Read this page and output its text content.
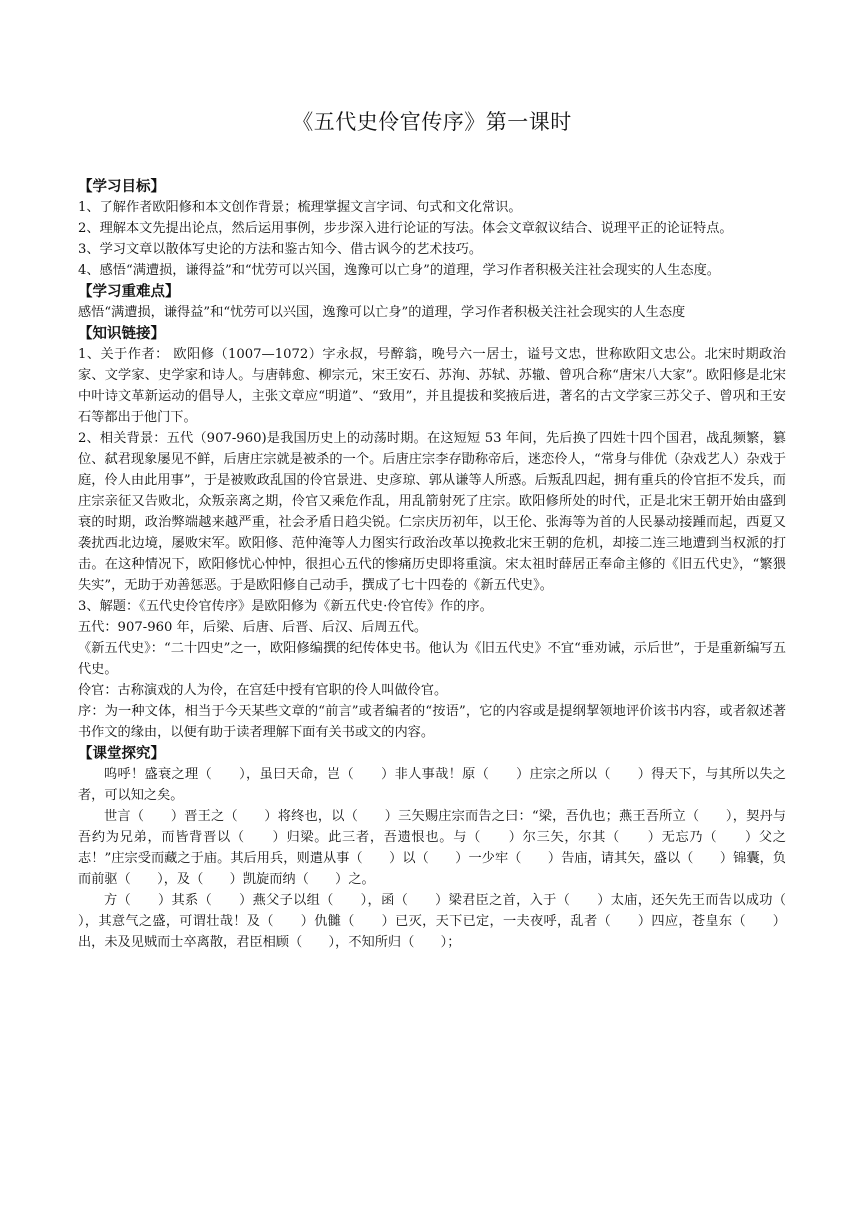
《五代史伶官传序》第一课时
【学习目标】

1、了解作者欧阳修和本文创作背景；梳理掌握文言字词、句式和文化常识。

2、理解本文先提出论点，然后运用事例，步步深入进行论证的写法。体会文章叙议结合、说理平正的论证特点。

3、学习文章以散体写史论的方法和鉴古知今、借古讽今的艺术技巧。

4、感悟“满遭损，谦得益”和“忧劳可以兴国，逸豫可以亡身”的道理，学习作者积极关注社会现实的人生态度。

【学习重难点】

感悟“满遭损，谦得益”和“忧劳可以兴国，逸豫可以亡身”的道理，学习作者积极关注社会现实的人生态度

【知识链接】

1、关于作者： 欧阳修（1007—1072）字永叔，号醉翁，晚号六一居士，谥号文忠，世称欧阳文忠公。北宋时期政治家、文学家、史学家和诗人。与唐韩愈、柳宗元，宋王安石、苏洵、苏轼、苏辙、曾巩合称“唐宋八大家”。欧阳修是北宋中叶诗文革新运动的倡导人，主张文章应“明道”、“致用”，并且提拔和奖掖后进，著名的古文学家三苏父子、曾巩和王安石等都出于他门下。

2、相关背景：五代（907-960)是我国历史上的动荡时期。在这短短 53 年间，先后换了四姓十四个国君，战乱频繁，篡位、弑君现象屡见不鲜，后唐庄宗就是被杀的一个。后唐庄宗李存勖称帝后，迷恋伶人，“常身与俳优（杂戏艺人）杂戏于庭，伶人由此用事”，于是被败政乱国的伶官景进、史彦琼、郭从谦等人所惑。后叛乱四起，拥有重兵的伶官拒不发兵，而庄宗亲征又告败北，众叛亲离之期，伶官又乘危作乱，用乱箭射死了庄宗。欧阳修所处的时代，正是北宋王朝开始由盛到衰的时期，政治弊端越来越严重，社会矛盾日趋尖锐。仁宗庆历初年，以王伦、张海等为首的人民暴动接踵而起，西夏又袭扰西北边境，屡败宋军。欧阳修、范仲淹等人力图实行政治改革以挽救北宋王朝的危机，却接二连三地遭到当权派的打击。在这种情况下，欧阳修忧心忡忡，很担心五代的惨痛历史即将重演。宋太祖时薛居正奉命主修的《旧五代史》，“繁猥失实”，无助于劝善惩恶。于是欧阳修自己动手，撰成了七十四卷的《新五代史》。

3、解题：《五代史伶官传序》是欧阳修为《新五代史·伶官传》作的序。

五代：907-960 年，后梁、后唐、后晋、后汉、后周五代。

《新五代史》：“二十四史”之一，欧阳修编撰的纪传体史书。他认为《旧五代史》不宜“垂劝诫，示后世”，于是重新编写五代史。

伶官：古称演戏的人为伶，在宫廷中授有官职的伶人叫做伶官。

序：为一种文体，相当于今天某些文章的“前言”或者编者的“按语”，它的内容或是提纲挈领地评价该书内容，或者叙述著书作文的缘由，以便有助于读者理解下面有关书或文的内容。

【课堂探究】

呜呼！盛衰之理（　　），虽曰天命，岂（　　）非人事哉！原（　　）庄宗之所以（　　）得天下，与其所以失之者，可以知之矣。

世言（　　）晋王之（　　）将终也，以（　　）三矢赐庄宗而告之曰：“梁，吾仇也；燕王吾所立（　　），契丹与吾约为兄弟，而皆背晋以（　　）归梁。此三者，吾遗恨也。与（　　）尔三矢，尔其（　　）无忘乃（　　）父之志！”庄宗受而藏之于庙。其后用兵，则遣从事（　　）以（　　）一少牢（　　）告庙，请其矢，盛以（　　）锦囊，负而前驱（　　），及（　　）凯旋而纳（　　）之。

方（　　）其系（　　）燕父子以组（　　），函（　　）梁君臣之首，入于（　　）太庙，还矢先王而告以成功（　　），其意气之盛，可谓壮哉！及（　　）仇雠（　　）已灭，天下已定，一夫夜呼，乱者（　　）四应，苍皇东（　　）出，未及见贼而士卒离散，君臣相顾（　　），不知所归（　　）；
